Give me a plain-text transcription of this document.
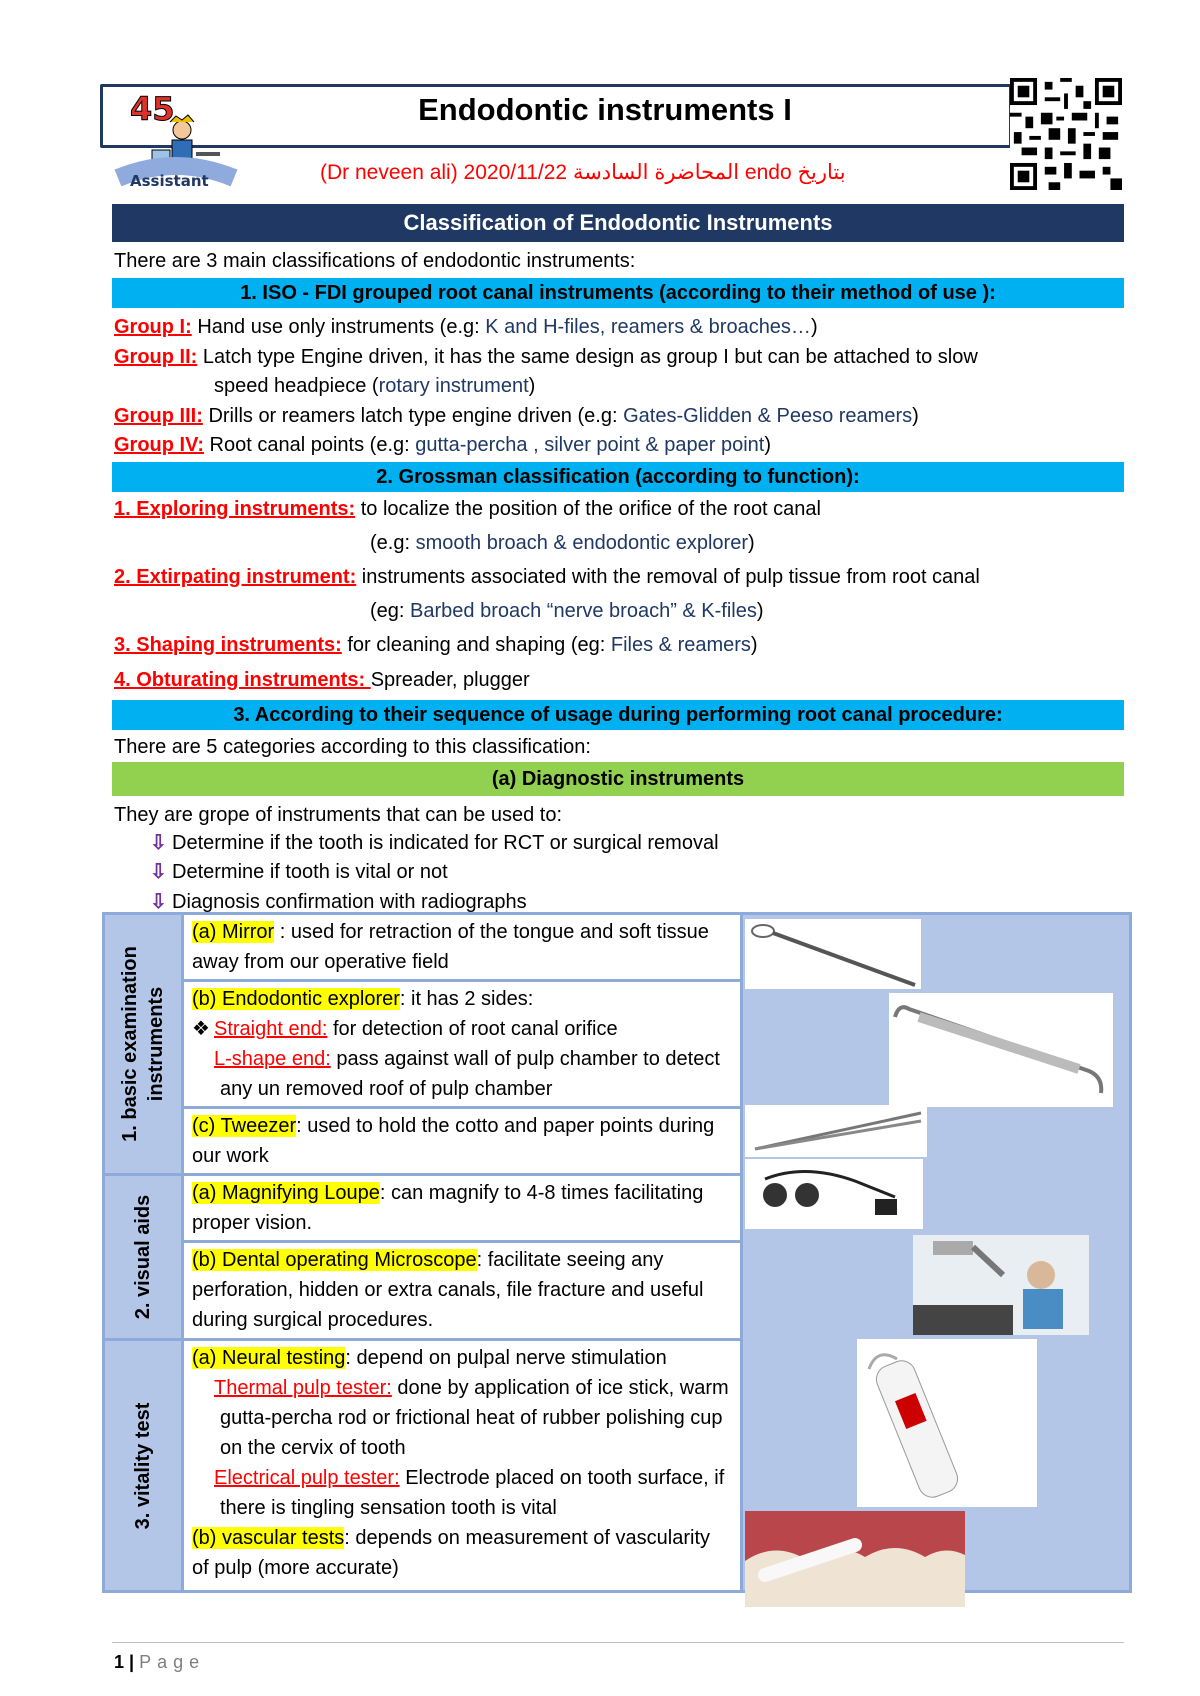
Endodontic instruments I
(Dr neveen ali) 2020/11/22 المحاضرة السادسة endo بتاريخ
45
Assistant
Classification of Endodontic Instruments
There are 3 main classifications of endodontic instruments:
1. ISO - FDI grouped root canal instruments (according to their method of use ):
Group I: Hand use only instruments (e.g: K and H-files, reamers & broaches…)
Group II: Latch type Engine driven, it has the same design as group I but can be attached to slow
speed headpiece (rotary instrument)
Group III: Drills or reamers latch type engine driven (e.g: Gates-Glidden & Peeso reamers)
Group IV: Root canal points (e.g: gutta-percha , silver point & paper point)
2. Grossman classification (according to function):
1. Exploring instruments: to localize the position of the orifice of the root canal
(e.g: smooth broach & endodontic explorer)
2. Extirpating instrument: instruments associated with the removal of pulp tissue from root canal
(eg: Barbed broach “nerve broach” & K-files)
3. Shaping instruments: for cleaning and shaping (eg: Files & reamers)
4. Obturating instruments: Spreader, plugger
3. According to their sequence of usage during performing root canal procedure:
There are 5 categories according to this classification:
(a) Diagnostic instruments
They are grope of instruments that can be used to:
⇩ Determine if the tooth is indicated for RCT or surgical removal
⇩ Determine if tooth is vital or not
⇩ Diagnosis confirmation with radiographs
1. basic examination instruments	(a) Mirror : used for retraction of the tongue and soft tissue away from our operative field	

	(b) Endodontic explorer: it has 2 sides:
❖ Straight end: for detection of root canal orifice

L-shape end: pass against wall of pulp chamber to detect any un removed roof of pulp chamber	

	(c) Tweezer: used to hold the cotto and paper points during our work	

2. visual aids	(a) Magnifying Loupe: can magnify to 4-8 times facilitating proper vision.	
	(b) Dental operating Microscope: facilitate seeing any perforation, hidden or extra canals, file fracture and useful during surgical procedures.	

3. vitality test	(a) Neural testing: depend on pulpal nerve stimulation
Thermal pulp tester: done by application of ice stick, warm gutta-percha rod or frictional heat of rubber polishing cup on the cervix of tooth
Electrical pulp tester: Electrode placed on tooth surface, if there is tingling sensation tooth is vital
(b) vascular tests: depends on measurement of vascularity of pulp (more accurate)	

1 | Page
